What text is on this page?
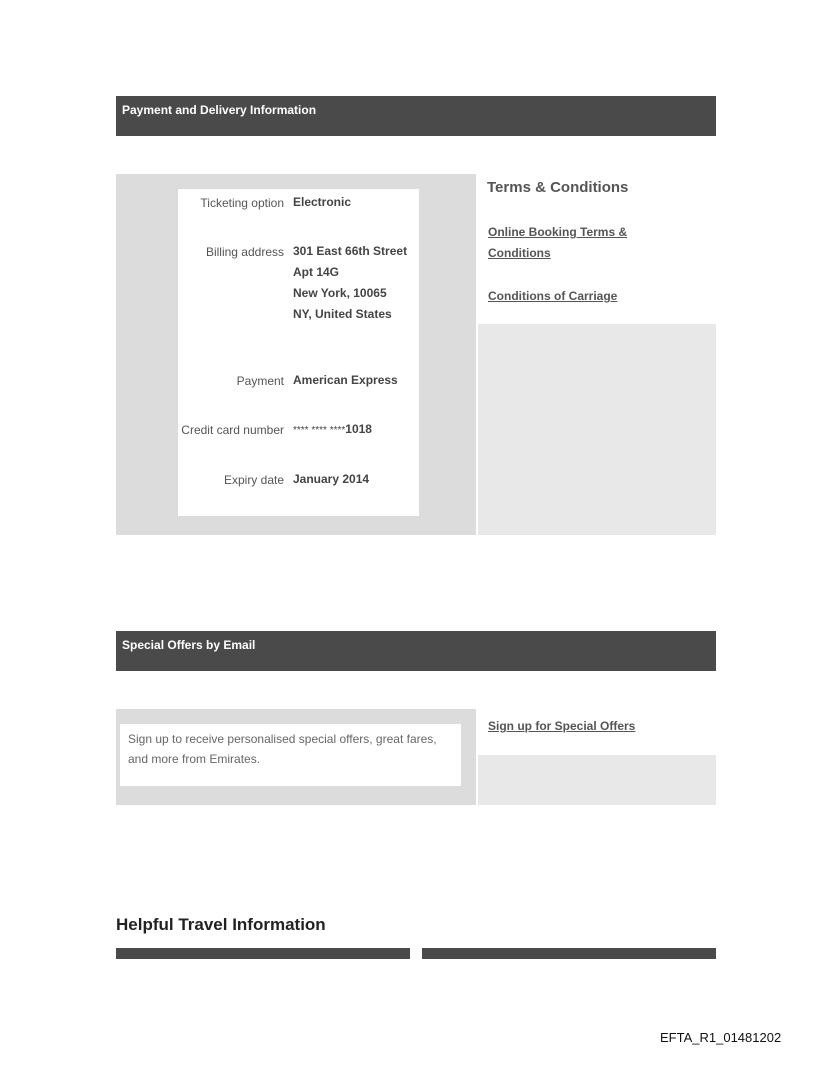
Payment and Delivery Information
Ticketing option Electronic
Billing address 301 East 66th Street
Apt 14G
New York, 10065
NY, United States
Payment American Express
Credit card number **** **** ****1018
Expiry date January 2014
Terms & Conditions
Online Booking Terms &
Conditions
Conditions of Carriage
Special Offers by Email
Sign up to receive personalised special offers, great fares,
and more from Emirates.
Sign up for Special Offers
Helpful Travel Information
EFTA_R1_01481202
